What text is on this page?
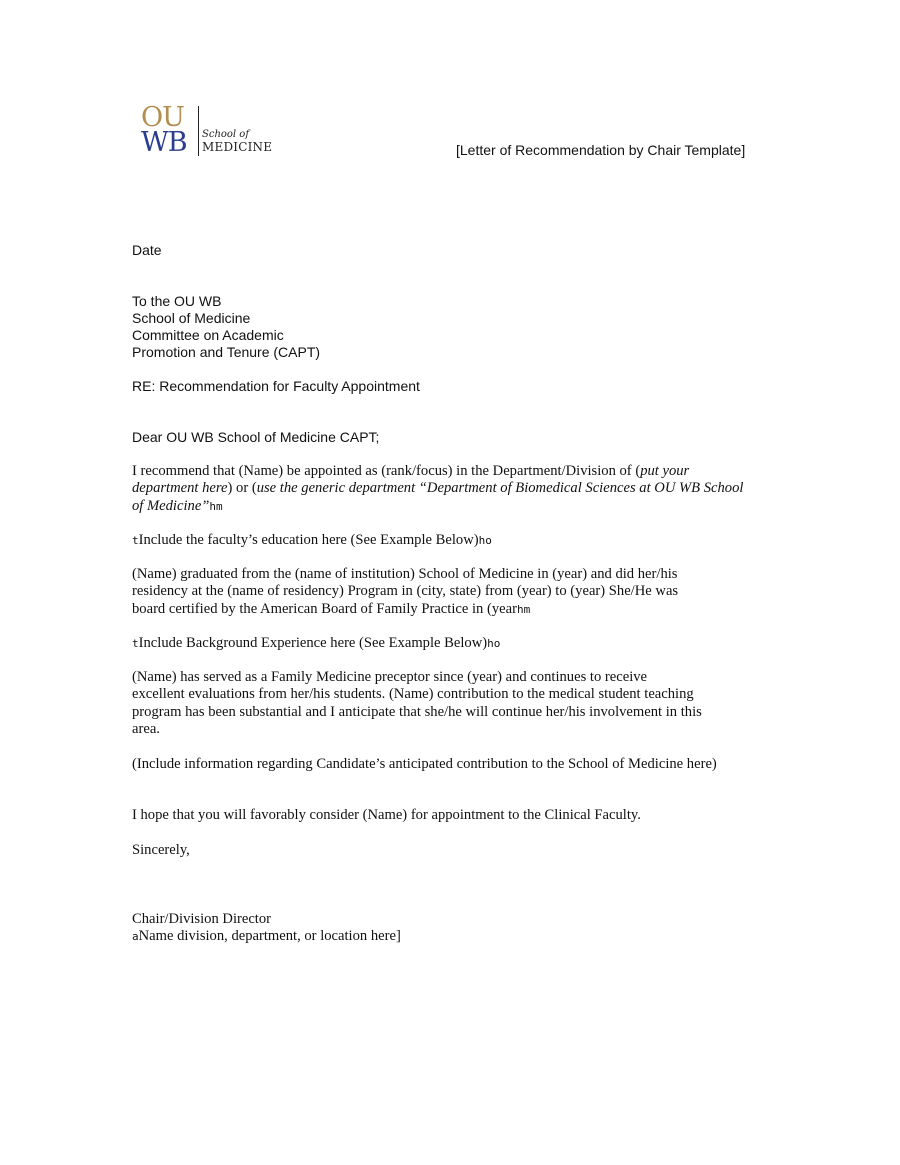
OU
WB School of
MEDICINE	[Letter of Recommendation by Chair Template]
Date
To the OU WB
School of Medicine
Committee on Academic
Promotion and Tenure (CAPT)
RE: Recommendation for Faculty Appointment
Dear OU WB School of Medicine CAPT;
I recommend that (Name) be appointed as (rank/focus) in the Department/Division of (put your
department here) or (use the generic department “Department of Biomedical Sciences at OU WB School
of Medicine”hm
tInclude the faculty’s education here (See Example Below)ho
(Name) graduated from the (name of institution) School of Medicine in (year) and did her/his
residency at the (name of residency) Program in (city, state) from (year) to (year) She/He was
board certified by the American Board of Family Practice in (yearhm
tInclude Background Experience here (See Example Below)ho
(Name) has served as a Family Medicine preceptor since (year) and continues to receive
excellent evaluations from her/his students. (Name) contribution to the medical student teaching
program has been substantial and I anticipate that she/he will continue her/his involvement in this
area.
(Include information regarding Candidate’s anticipated contribution to the School of Medicine here)
I hope that you will favorably consider (Name) for appointment to the Clinical Faculty.
Sincerely,
Chair/Division Director
aName division, department, or location here]
